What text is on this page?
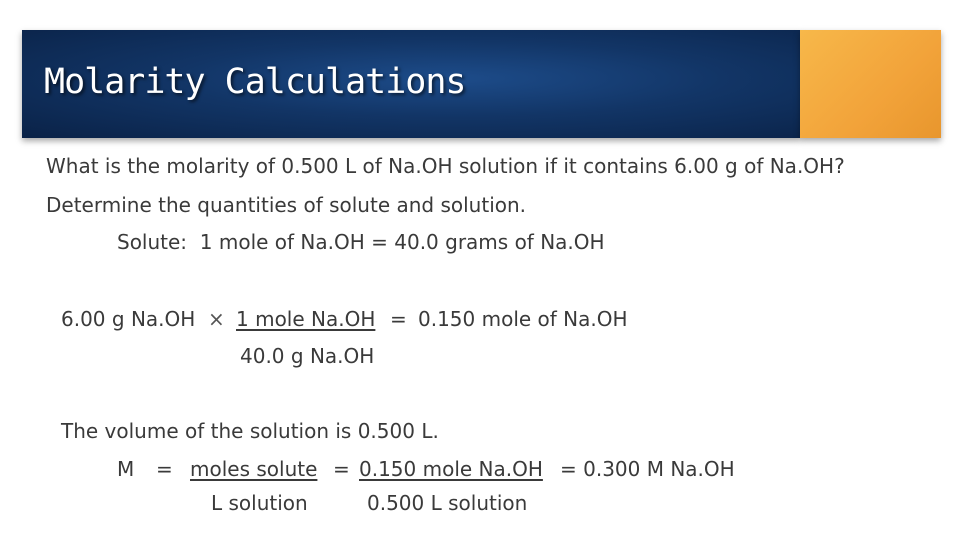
Molarity Calculations
What is the molarity of 0.500 L of Na.OH solution if it contains 6.00 g of Na.OH?
Determine the quantities of solute and solution.
Solute:  1 mole of Na.OH = 40.0 grams of Na.OH
6.00 g Na.OH × 1 mole Na.OH = 0.150 mole of Na.OH
40.0 g Na.OH
The volume of the solution is 0.500 L.
M = moles solute = 0.150 mole Na.OH = 0.300 M Na.OH
L solution	0.500 L solution
